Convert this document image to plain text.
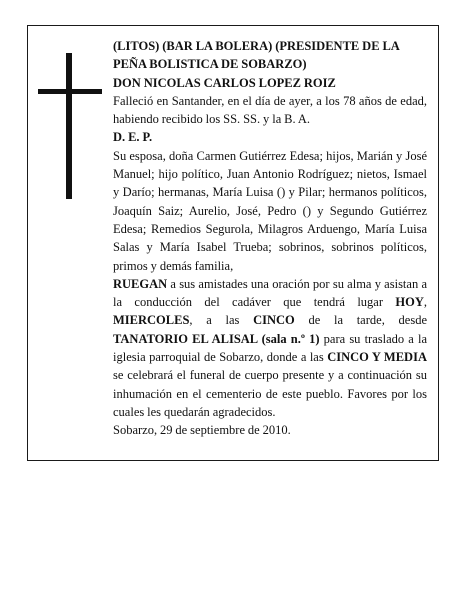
(LITOS) (BAR LA BOLERA) (PRESIDENTE DE LA PEÑA BOLISTICA DE SOBARZO)

DON NICOLAS CARLOS LOPEZ ROIZ

Falleció en Santander, en el día de ayer, a los 78 años de edad, habiendo recibido los SS. SS. y la B. A.

D. E. P.

Su esposa, doña Carmen Gutiérrez Edesa; hijos, Marián y José Manuel; hijo político, Juan Antonio Rodríguez; nietos, Ismael y Darío; hermanas, María Luisa () y Pilar; hermanos políticos, Joaquín Saiz; Aurelio, José, Pedro () y Segundo Gutiérrez Edesa; Remedios Segurola, Milagros Arduengo, María Luisa Salas y María Isabel Trueba; sobrinos, sobrinos políticos, primos y demás familia,

RUEGAN a sus amistades una oración por su alma y asistan a la conducción del cadáver que tendrá lugar HOY, MIERCOLES, a las CINCO de la tarde, desde TANATORIO EL ALISAL (sala n.º 1) para su traslado a la iglesia parroquial de Sobarzo, donde a las CINCO Y MEDIA se celebrará el funeral de cuerpo presente y a continuación su inhumación en el cementerio de este pueblo. Favores por los cuales les quedarán agradecidos.

Sobarzo, 29 de septiembre de 2010.
